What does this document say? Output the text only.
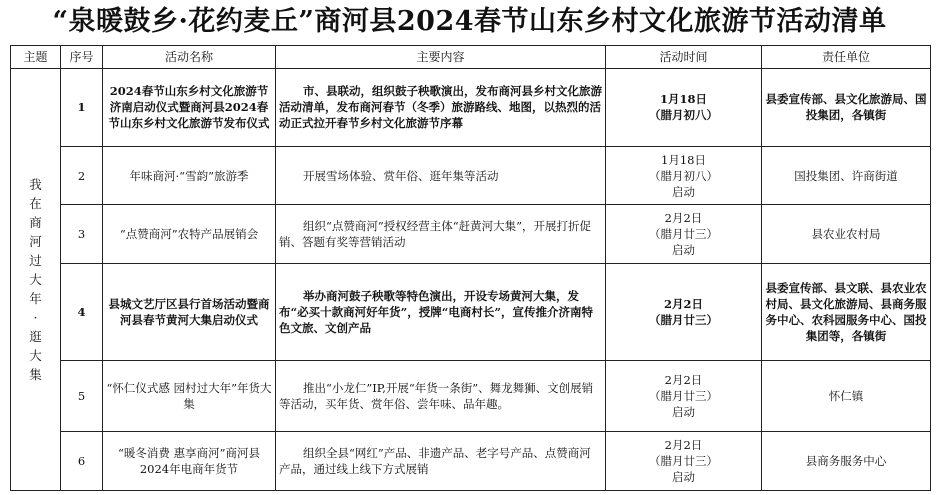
“泉暖鼓乡·花约麦丘”商河县2024春节山东乡村文化旅游节活动清单
主题	序号	活动名称	主要内容	活动时间	责任单位
我在商河过大年·逛大集	1	2024春节山东乡村文化旅游节济南启动仪式暨商河县2024春节山东乡村文化旅游节发布仪式	市、县联动，组织鼓子秧歌演出，发布商河县乡村文化旅游活动清单，发布商河春节（冬季）旅游路线、地图，以热烈的活动正式拉开春节乡村文化旅游节序幕	1月18日
（腊月初八）	县委宣传部、县文化旅游局、国投集团，各镇街
	2	年味商河·“雪韵”旅游季	开展雪场体验、赏年俗、逛年集等活动	1月18日
（腊月初八）
启动	国投集团、许商街道
	3	“点赞商河”农特产品展销会	组织“点赞商河”授权经营主体“赶黄河大集”，开展打折促销、答题有奖等营销活动	2月2日
（腊月廿三）
启动	县农业农村局
	4	县城文艺厅区县行首场活动暨商河县春节黄河大集启动仪式	举办商河鼓子秧歌等特色演出，开设专场黄河大集，发布“必买十款商河好年货”，授牌“电商村长”，宣传推介济南特色文旅、文创产品	2月2日
（腊月廿三）	县委宣传部、县文联、县农业农村局、县文化旅游局、县商务服务中心、农科园服务中心、国投集团等，各镇街
	5	“怀仁仪式感 园村过大年”年货大集	推出“小龙仁”IP,开展“年货一条街”、舞龙舞狮、文创展销等活动，买年货、赏年俗、尝年味、品年趣。	2月2日
（腊月廿三）
启动	怀仁镇
	6	“暖冬消费 惠享商河”商河县2024年电商年货节	组织全县“网红”产品、非遗产品、老字号产品、点赞商河产品，通过线上线下方式展销	2月2日
（腊月廿三）
启动	县商务服务中心
